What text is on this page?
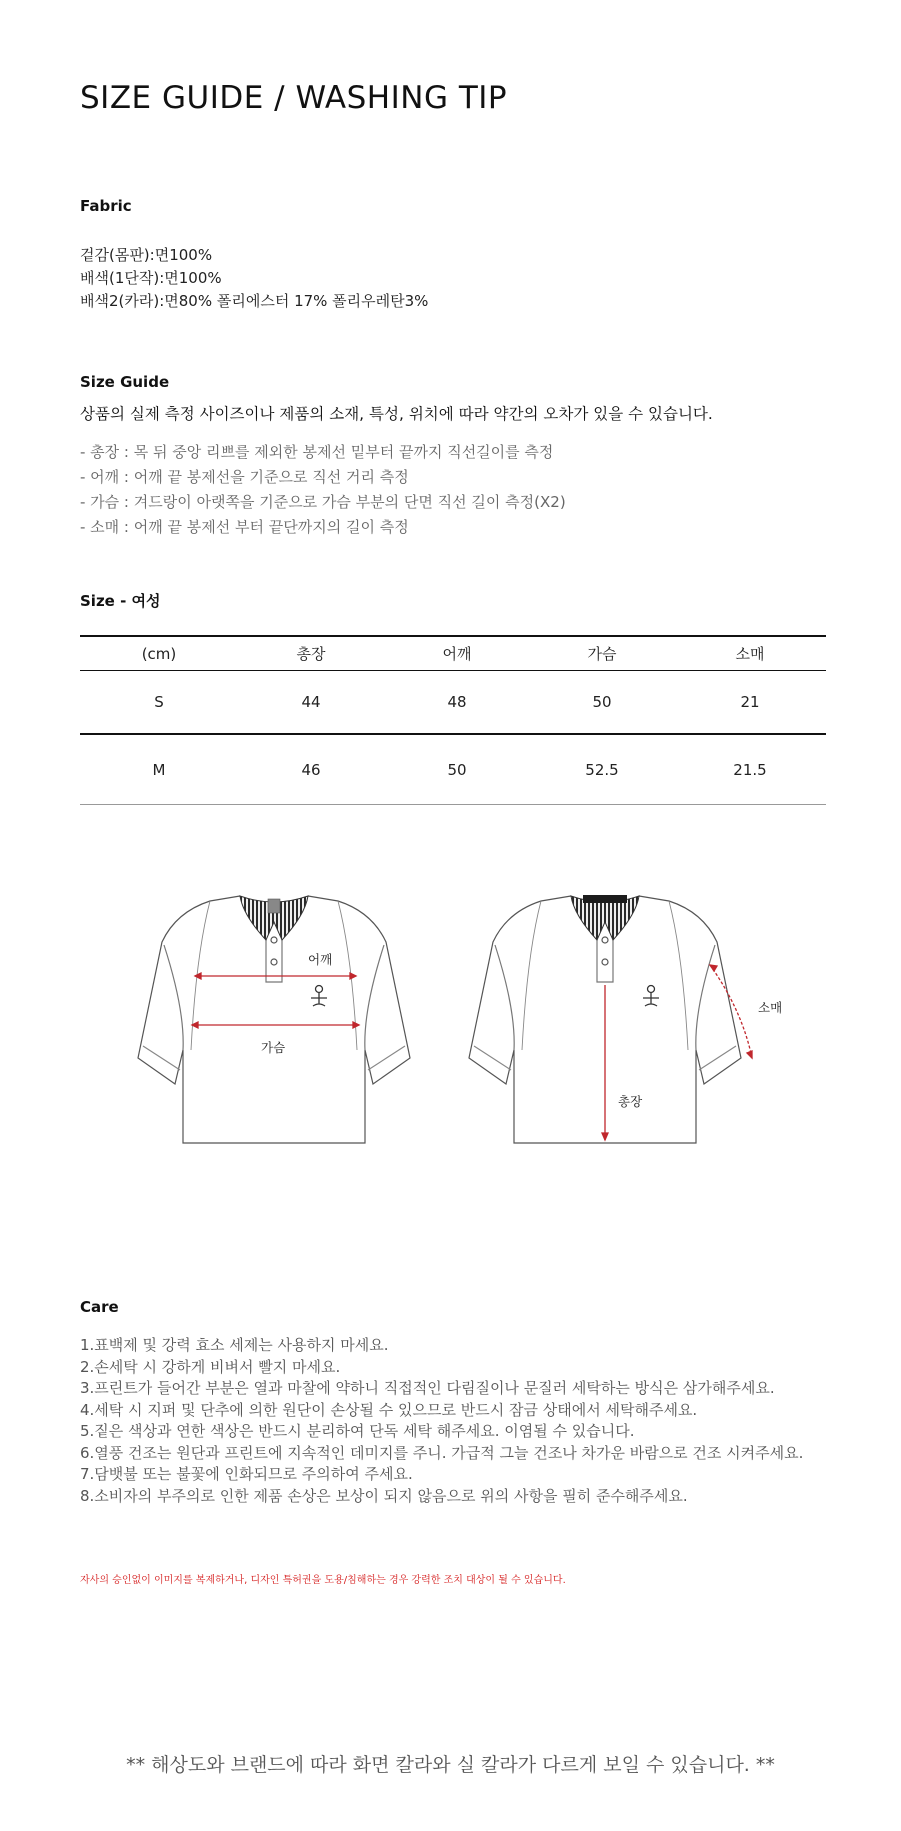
SIZE GUIDE / WASHING TIP
Fabric
겉감(몸판):면100%
배색(1단작):면100%
배색2(카라):면80% 폴리에스터 17% 폴리우레탄3%
Size Guide
상품의 실제 측정 사이즈이나 제품의 소재, 특성, 위치에 따라 약간의 오차가 있을 수 있습니다.
- 총장 : 목 뒤 중앙 리쁘를 제외한 봉제선 밑부터 끝까지 직선길이를 측정
- 어깨 : 어깨 끝 봉제선을 기준으로 직선 거리 측정
- 가슴 : 겨드랑이 아랫쪽을 기준으로 가슴 부분의 단면 직선 길이 측정(X2)
- 소매 : 어깨 끝 봉제선 부터 끝단까지의 길이 측정
Size - 여성
(cm)	총장	어깨	가슴	소매
S	44	48	50	21
M	46	50	52.5	21.5
어깨
가슴
소매
총장
Care
1.표백제 및 강력 효소 세제는 사용하지 마세요.
2.손세탁 시 강하게 비벼서 빨지 마세요.
3.프린트가 들어간 부분은 열과 마찰에 약하니 직접적인 다림질이나 문질러 세탁하는 방식은 삼가해주세요.
4.세탁 시 지퍼 및 단추에 의한 원단이 손상될 수 있으므로 반드시 잠금 상태에서 세탁해주세요.
5.짙은 색상과 연한 색상은 반드시 분리하여 단독 세탁 해주세요. 이염될 수 있습니다.
6.열풍 건조는 원단과 프린트에 지속적인 데미지를 주니. 가급적 그늘 건조나 차가운 바람으로 건조 시켜주세요.
7.담뱃불 또는 불꽃에 인화되므로 주의하여 주세요.
8.소비자의 부주의로 인한 제품 손상은 보상이 되지 않음으로 위의 사항을 필히 준수해주세요.
자사의 승인없이 이미지를 복제하거나, 디자인 특허권을 도용/침해하는 경우 강력한 조치 대상이 될 수 있습니다.
** 해상도와 브랜드에 따라 화면 칼라와 실 칼라가 다르게 보일 수 있습니다. **
